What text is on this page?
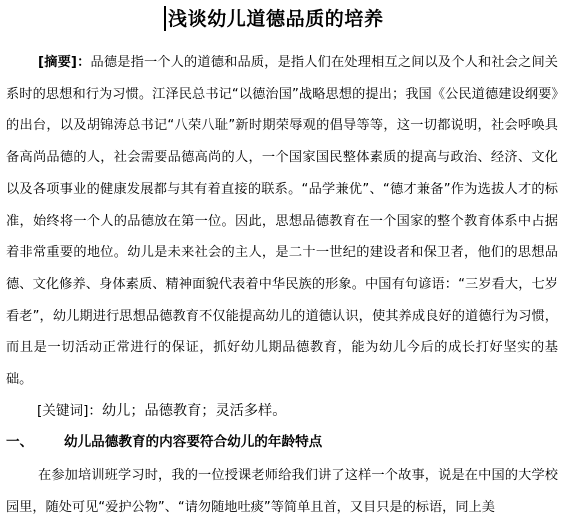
浅谈幼儿道德品质的培养

[摘要]：品德是指一个人的道德和品质，是指人们在处理相互之间以及个人和社会之间关系时的思想和行为习惯。江泽民总书记“以德治国”战略思想的提出；我国《公民道德建设纲要》的出台，以及胡锦涛总书记“八荣八耻”新时期荣辱观的倡导等等，这一切都说明，社会呼唤具备高尚品德的人，社会需要品德高尚的人，一个国家国民整体素质的提高与政治、经济、文化以及各项事业的健康发展都与其有着直接的联系。“品学兼优”、“德才兼备”作为选拔人才的标准，始终将一个人的品德放在第一位。因此，思想品德教育在一个国家的整个教育体系中占据着非常重要的地位。幼儿是未来社会的主人，是二十一世纪的建设者和保卫者，他们的思想品德、文化修养、身体素质、精神面貌代表着中华民族的形象。中国有句谚语：“三岁看大，七岁看老”，幼儿期进行思想品德教育不仅能提高幼儿的道德认识，使其养成良好的道德行为习惯，而且是一切活动正常进行的保证，抓好幼儿期品德教育，能为幼儿今后的成长打好坚实的基础。

[关键词]：幼儿；品德教育；灵活多样。
一、 幼儿品德教育的内容要符合幼儿的年龄特点

在参加培训班学习时，我的一位授课老师给我们讲了这样一个故事，说是在中国的大学校园里，随处可见“爱护公物”、“请勿随地吐痰”等简单且首，又目只是的标语，同上美
